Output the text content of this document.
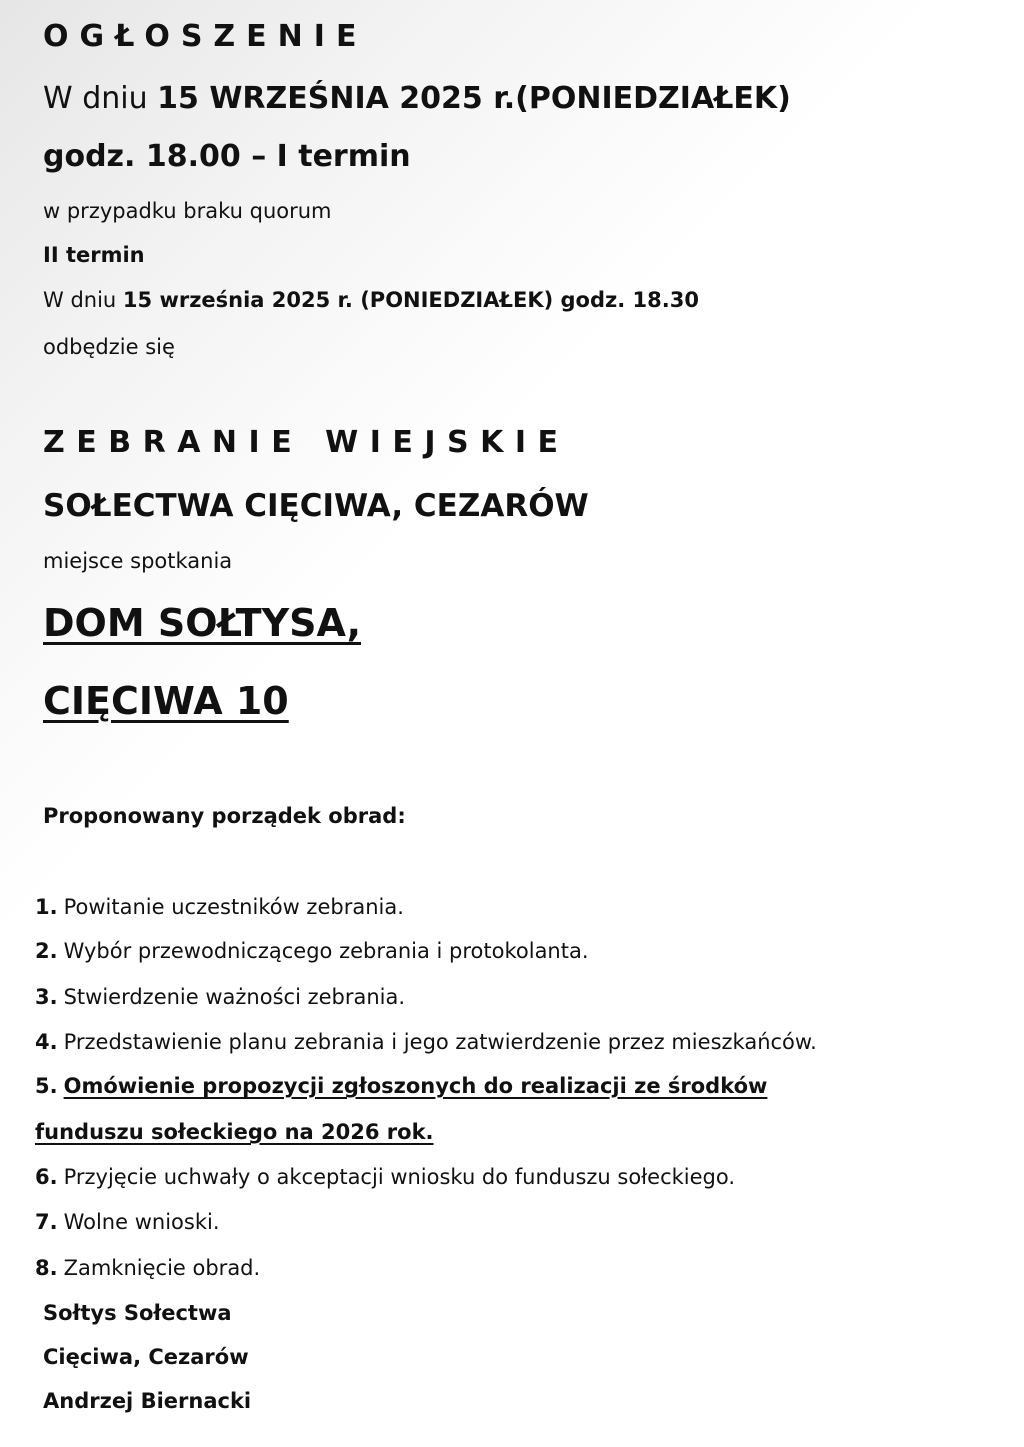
OGŁOSZENIE
W dniu 15 WRZEŚNIA 2025 r.(PONIEDZIAŁEK)
godz. 18.00 – I termin
w przypadku braku quorum
II termin
W dniu 15 września 2025 r. (PONIEDZIAŁEK) godz. 18.30
odbędzie się
ZEBRANIE WIEJSKIE
SOŁECTWA CIĘCIWA, CEZARÓW
miejsce spotkania
DOM SOŁTYSA,
CIĘCIWA 10
Proponowany porządek obrad:
1. Powitanie uczestników zebrania.
2. Wybór przewodniczącego zebrania i protokolanta.
3. Stwierdzenie ważności zebrania.
4. Przedstawienie planu zebrania i jego zatwierdzenie przez mieszkańców.
5. Omówienie propozycji zgłoszonych do realizacji ze środków
funduszu sołeckiego na 2026 rok.
6. Przyjęcie uchwały o akceptacji wniosku do funduszu sołeckiego.
7. Wolne wnioski.
8. Zamknięcie obrad.
Sołtys Sołectwa
Cięciwa, Cezarów
Andrzej Biernacki
